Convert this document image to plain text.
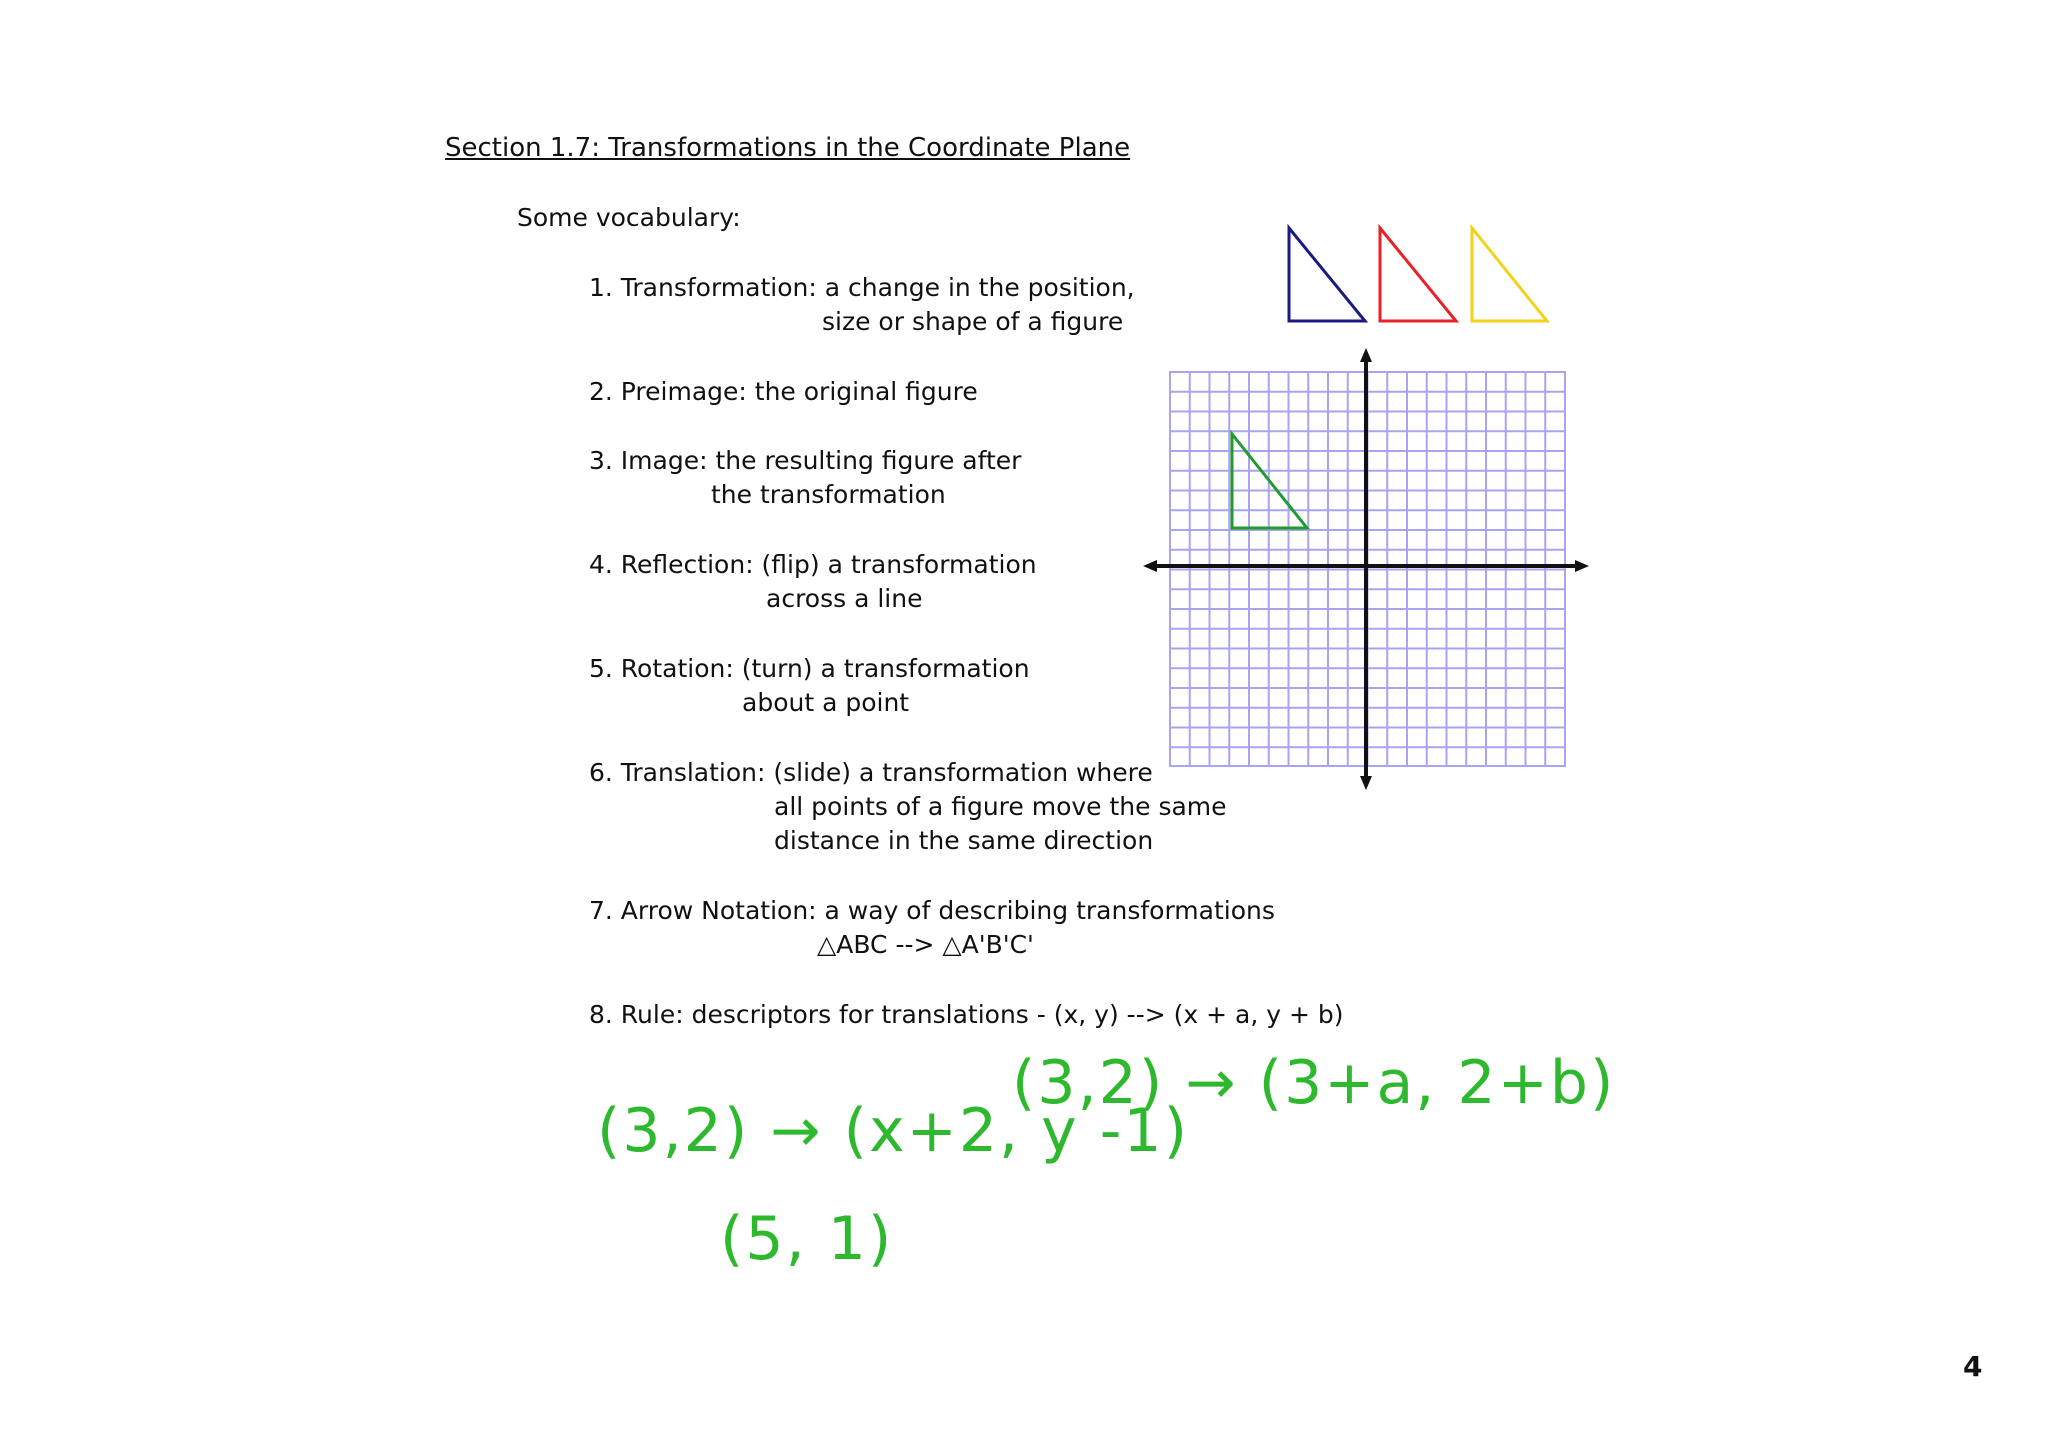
Section 1.7: Transformations in the Coordinate Plane
Some vocabulary:
1. Transformation: a change in the position,
size or shape of a figure
2. Preimage: the original figure
3. Image: the resulting figure after
the transformation
4. Reflection: (flip) a transformation
across a line
5. Rotation: (turn) a transformation
about a point
6. Translation: (slide) a transformation where
all points of a figure move the same
distance in the same direction
7. Arrow Notation: a way of describing transformations
△ABC --> △A'B'C'
8. Rule: descriptors for translations - (x, y) --> (x + a, y + b)
(3,2) → (3+a, 2+b)
(3,2) → (x+2, y -1)
(5, 1)
4
